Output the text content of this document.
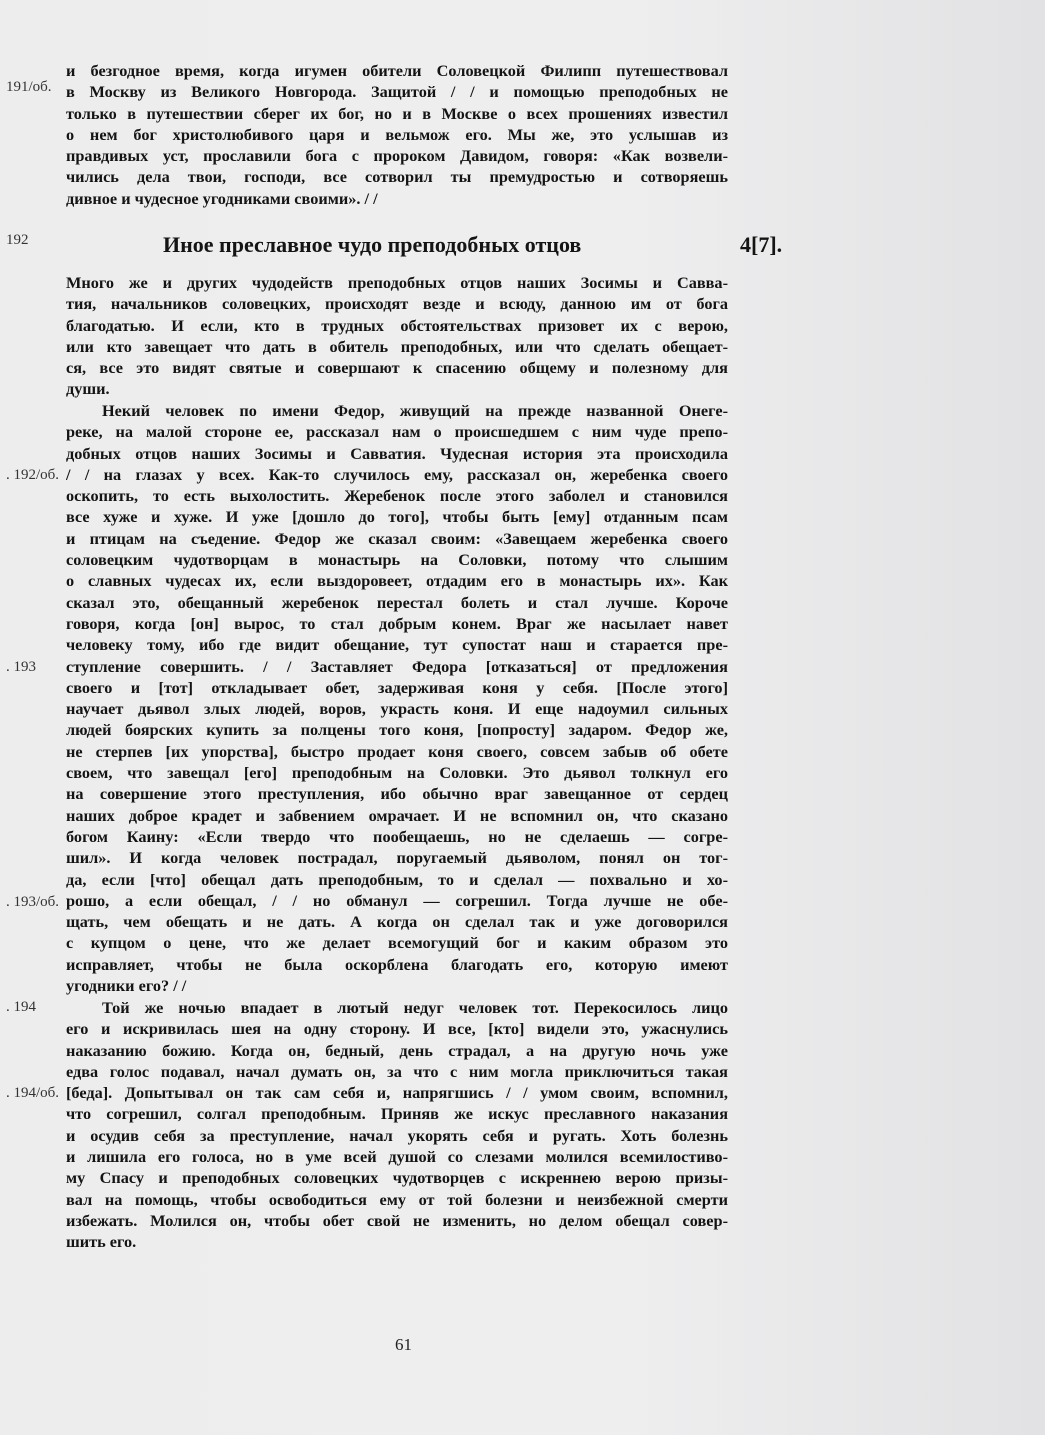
191/об.
192
. 192/об.
. 193
. 193/об.
. 194
. 194/об.
и безгодное время, когда игумен обители Соловецкой Филипп путешествовал
в Москву из Великого Новгорода. Защитой / / и помощью преподобных не
только в путешествии сберег их бог, но и в Москве о всех прошениях известил
о нем бог христолюбивого царя и вельмож его. Мы же, это услышав из
правдивых уст, прославили бога с пророком Давидом, говоря: «Как возвели-
чились дела твои, господи, все сотворил ты премудростью и сотворяешь
дивное и чудесное угодниками своими». / /
Иное преславное чудо преподобных отцов	4[7].
Много же и других чудодейств преподобных отцов наших Зосимы и Савва-
тия, начальников соловецких, происходят везде и всюду, данною им от бога
благодатью. И если, кто в трудных обстоятельствах призовет их с верою,
или кто завещает что дать в обитель преподобных, или что сделать обещает-
ся, все это видят святые и совершают к спасению общему и полезному для
души.
Некий человек по имени Федор, живущий на прежде названной Онеге-
реке, на малой стороне ее, рассказал нам о происшедшем с ним чуде препо-
добных отцов наших Зосимы и Савватия. Чудесная история эта происходила
/ / на глазах у всех. Как-то случилось ему, рассказал он, жеребенка своего
оскопить, то есть выхолостить. Жеребенок после этого заболел и становился
все хуже и хуже. И уже [дошло до того], чтобы быть [ему] отданным псам
и птицам на съедение. Федор же сказал своим: «Завещаем жеребенка своего
соловецким чудотворцам в монастырь на Соловки, потому что слышим
о славных чудесах их, если выздоровеет, отдадим его в монастырь их». Как
сказал это, обещанный жеребенок перестал болеть и стал лучше. Короче
говоря, когда [он] вырос, то стал добрым конем. Враг же насылает навет
человеку тому, ибо где видит обещание, тут супостат наш и старается пре-
ступление совершить. / / Заставляет Федора [отказаться] от предложения
своего и [тот] откладывает обет, задерживая коня у себя. [После этого]
научает дьявол злых людей, воров, украсть коня. И еще надоумил сильных
людей боярских купить за полцены того коня, [попросту] задаром. Федор же,
не стерпев [их упорства], быстро продает коня своего, совсем забыв об обете
своем, что завещал [его] преподобным на Соловки. Это дьявол толкнул его
на совершение этого преступления, ибо обычно враг завещанное от сердец
наших доброе крадет и забвением омрачает. И не вспомнил он, что сказано
богом Каину: «Если твердо что пообещаешь, но не сделаешь — согре-
шил». И когда человек пострадал, поругаемый дьяволом, понял он тог-
да, если [что] обещал дать преподобным, то и сделал — похвально и хо-
рошо, а если обещал, / / но обманул — согрешил. Тогда лучше не обе-
щать, чем обещать и не дать. А когда он сделал так и уже договорился
с купцом о цене, что же делает всемогущий бог и каким образом это
исправляет, чтобы не была оскорблена благодать его, которую имеют
угодники его? / /
Той же ночью впадает в лютый недуг человек тот. Перекосилось лицо
его и искривилась шея на одну сторону. И все, [кто] видели это, ужаснулись
наказанию божию. Когда он, бедный, день страдал, а на другую ночь уже
едва голос подавал, начал думать он, за что с ним могла приключиться такая
[беда]. Допытывал он так сам себя и, напрягшись / / умом своим, вспомнил,
что согрешил, солгал преподобным. Приняв же искус преславного наказания
и осудив себя за преступление, начал укорять себя и ругать. Хоть болезнь
и лишила его голоса, но в уме всей душой со слезами молился всемилостиво-
му Спасу и преподобных соловецких чудотворцев с искреннею верою призы-
вал на помощь, чтобы освободиться ему от той болезни и неизбежной смерти
избежать. Молился он, чтобы обет свой не изменить, но делом обещал совер-
шить его.
61
